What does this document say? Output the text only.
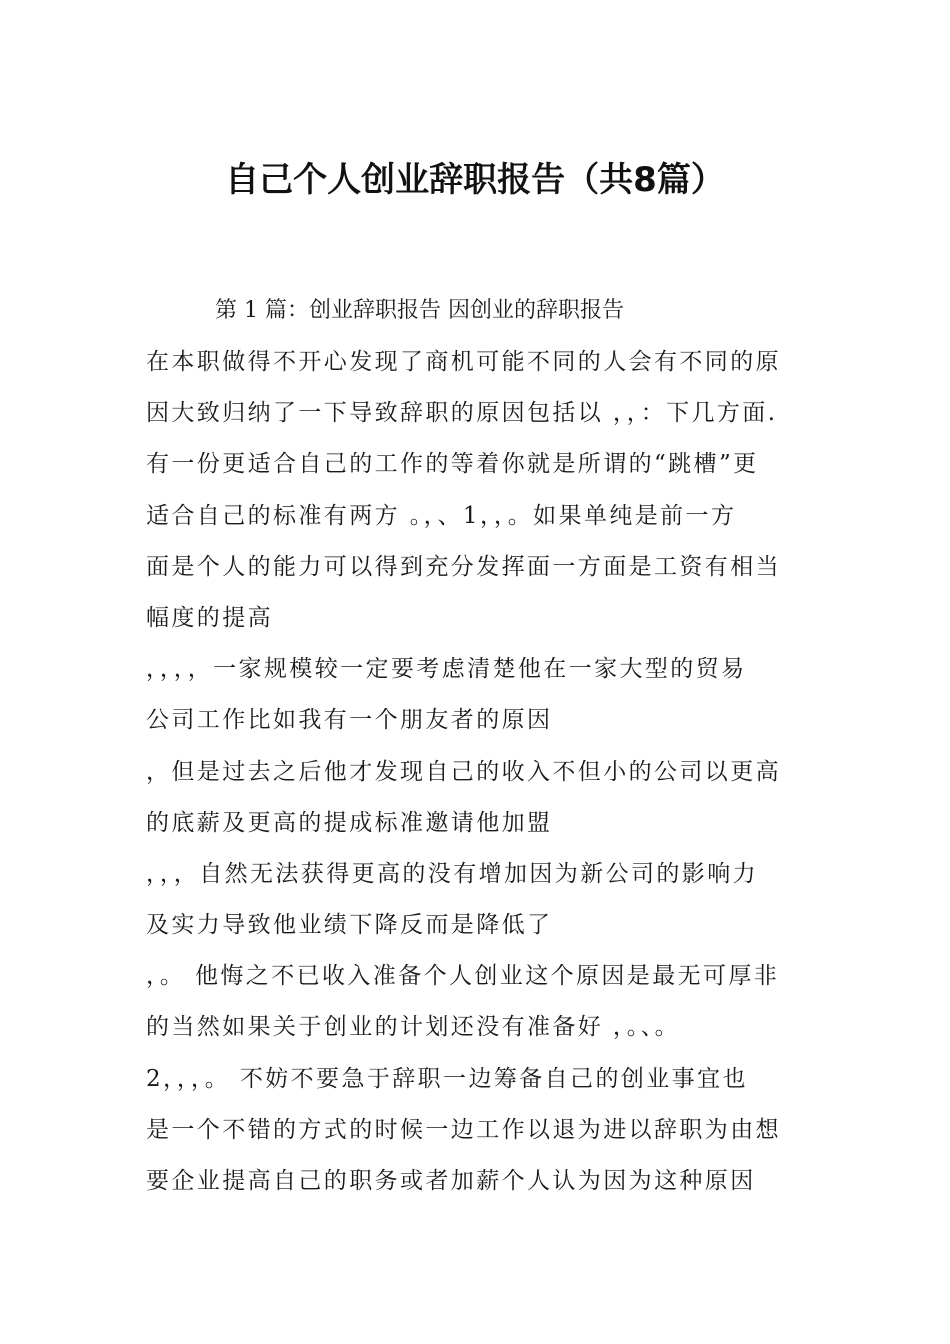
自己个人创业辞职报告（共8篇）
第 1 篇：创业辞职报告 因创业的辞职报告
在本职做得不开心发现了商机可能不同的人会有不同的原
因大致归纳了一下导致辞职的原因包括以 ，，：下几方面.
有一份更适合自己的工作的等着你就是所谓的“跳槽”更
适合自己的标准有两方 。，、1，，。如果单纯是前一方
面是个人的能力可以得到充分发挥面一方面是工资有相当
幅度的提高
，，，，一家规模较一定要考虑清楚他在一家大型的贸易
公司工作比如我有一个朋友者的原因
，但是过去之后他才发现自己的收入不但小的公司以更高
的底薪及更高的提成标准邀请他加盟
，，，自然无法获得更高的没有增加因为新公司的影响力
及实力导致他业绩下降反而是降低了
，。 他悔之不已收入准备个人创业这个原因是最无可厚非
的当然如果关于创业的计划还没有准备好 ，。、。
2，，，。 不妨不要急于辞职一边筹备自己的创业事宜也
是一个不错的方式的时候一边工作以退为进以辞职为由想
要企业提高自己的职务或者加薪个人认为因为这种原因
